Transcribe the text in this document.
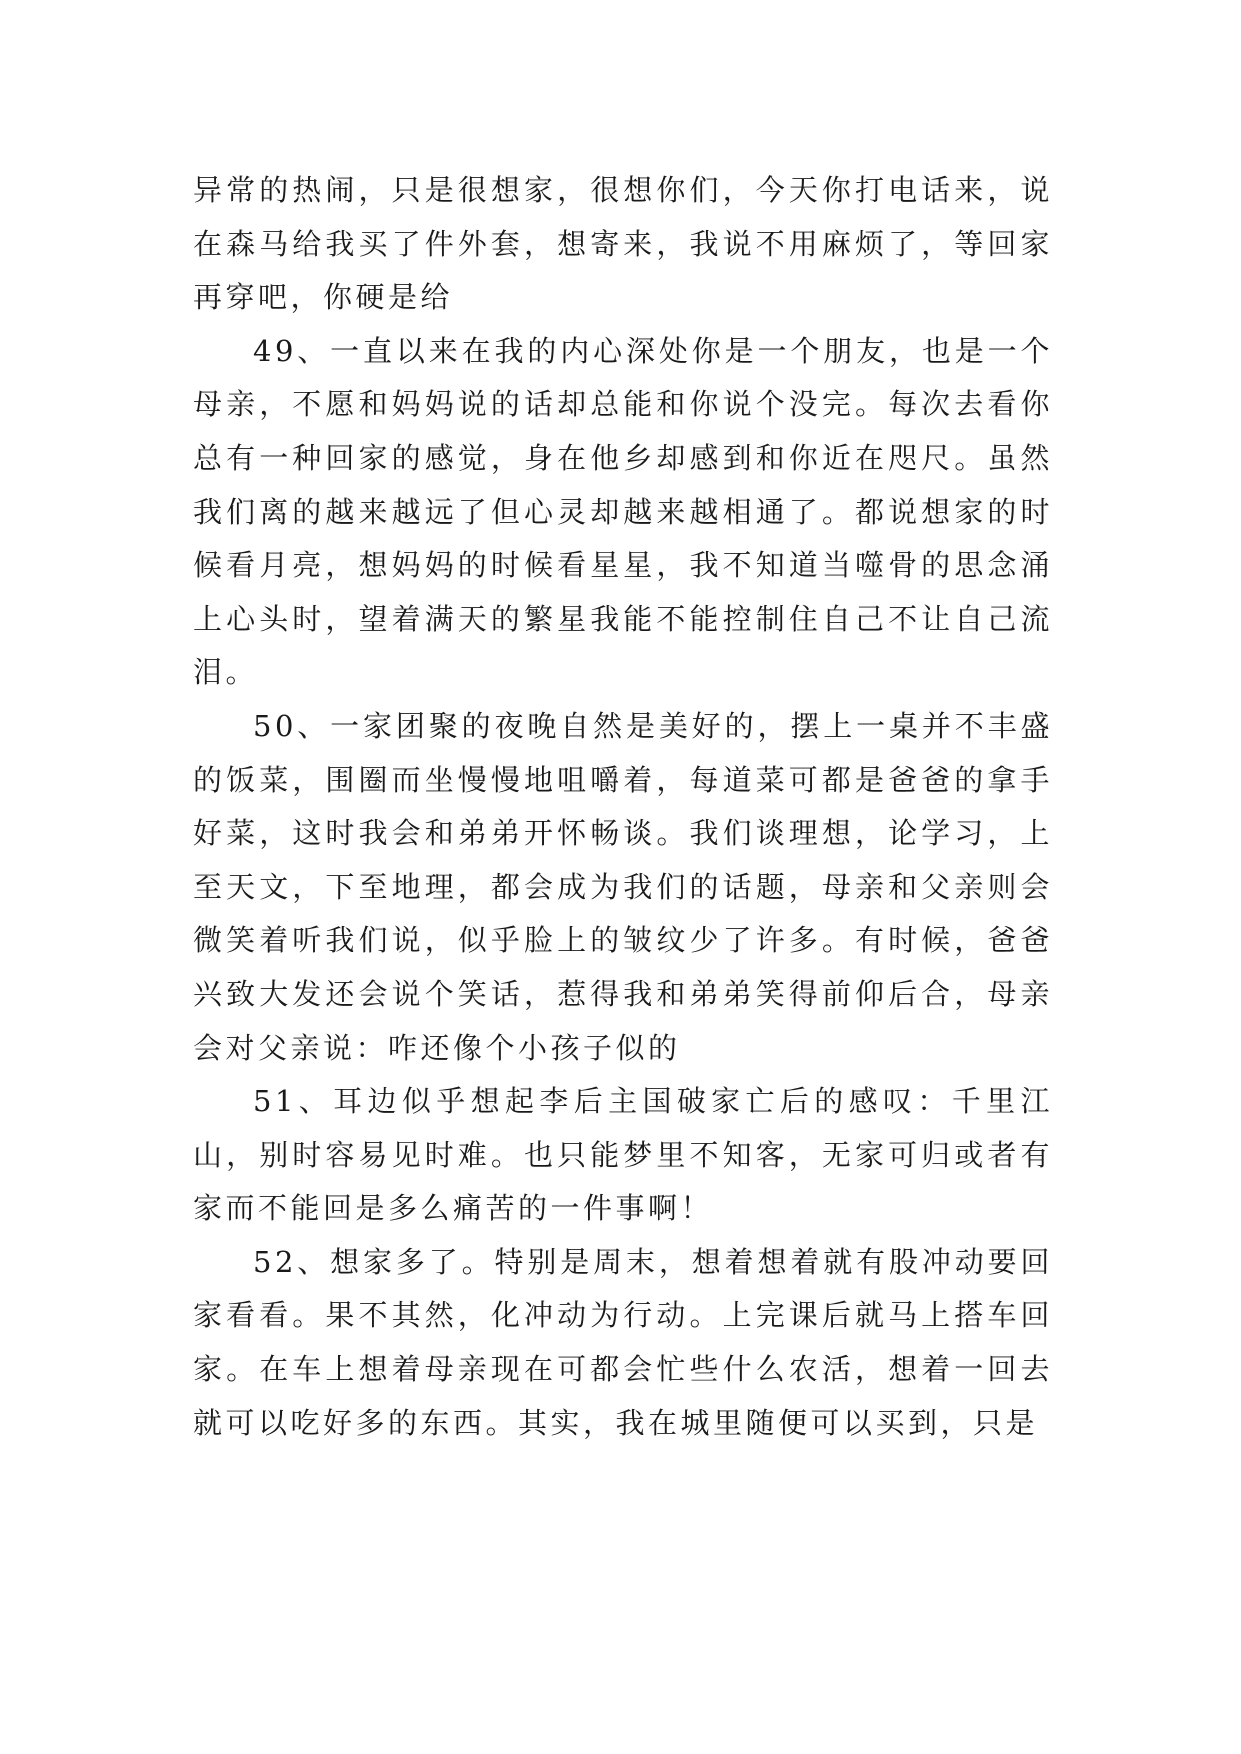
异常的热闹，只是很想家，很想你们，今天你打电话来，说在森马给我买了件外套，想寄来，我说不用麻烦了，等回家再穿吧，你硬是给

49、一直以来在我的内心深处你是一个朋友，也是一个母亲，不愿和妈妈说的话却总能和你说个没完。每次去看你总有一种回家的感觉，身在他乡却感到和你近在咫尺。虽然我们离的越来越远了但心灵却越来越相通了。都说想家的时候看月亮，想妈妈的时候看星星，我不知道当噬骨的思念涌上心头时，望着满天的繁星我能不能控制住自己不让自己流泪。

50、一家团聚的夜晚自然是美好的，摆上一桌并不丰盛的饭菜，围圈而坐慢慢地咀嚼着，每道菜可都是爸爸的拿手好菜，这时我会和弟弟开怀畅谈。我们谈理想，论学习，上至天文，下至地理，都会成为我们的话题，母亲和父亲则会微笑着听我们说，似乎脸上的皱纹少了许多。有时候，爸爸兴致大发还会说个笑话，惹得我和弟弟笑得前仰后合，母亲会对父亲说：咋还像个小孩子似的

51、耳边似乎想起李后主国破家亡后的感叹：千里江山，别时容易见时难。也只能梦里不知客，无家可归或者有家而不能回是多么痛苦的一件事啊！

52、想家多了。特别是周末，想着想着就有股冲动要回家看看。果不其然，化冲动为行动。上完课后就马上搭车回家。在车上想着母亲现在可都会忙些什么农活，想着一回去就可以吃好多的东西。其实，我在城里随便可以买到，只是
